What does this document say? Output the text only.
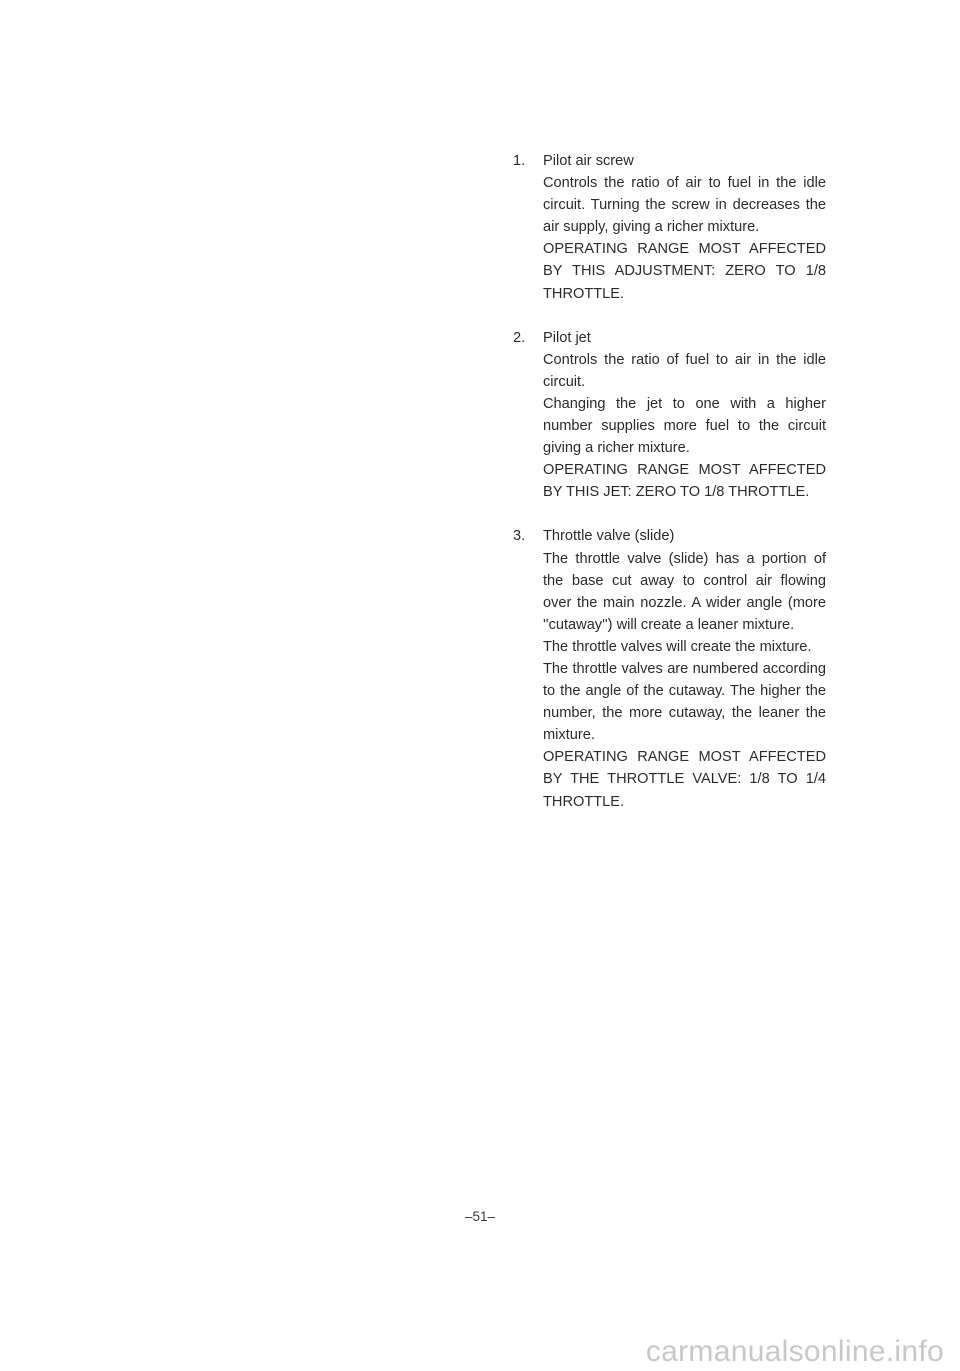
1. Pilot air screw

Controls the ratio of air to fuel in the idle circuit. Turning the screw in decreases the air supply, giving a richer mixture.

OPERATING RANGE MOST AFFECTED BY THIS ADJUSTMENT: ZERO TO 1/8 THROTTLE.

2. Pilot jet

Controls the ratio of fuel to air in the idle circuit.

Changing the jet to one with a higher number supplies more fuel to the circuit giving a richer mixture.

OPERATING RANGE MOST AFFECTED BY THIS JET: ZERO TO 1/8 THROTTLE.

3. Throttle valve (slide)

The throttle valve (slide) has a portion of the base cut away to control air flowing over the main nozzle. A wider angle (more ''cutaway'') will create a leaner mixture.

The throttle valves will create the mixture.

The throttle valves are numbered according to the angle of the cutaway. The higher the number, the more cutaway, the leaner the mixture.

OPERATING RANGE MOST AFFECTED BY THE THROTTLE VALVE: 1/8 TO 1/4 THROTTLE.

–51–
carmanualsonline.info
